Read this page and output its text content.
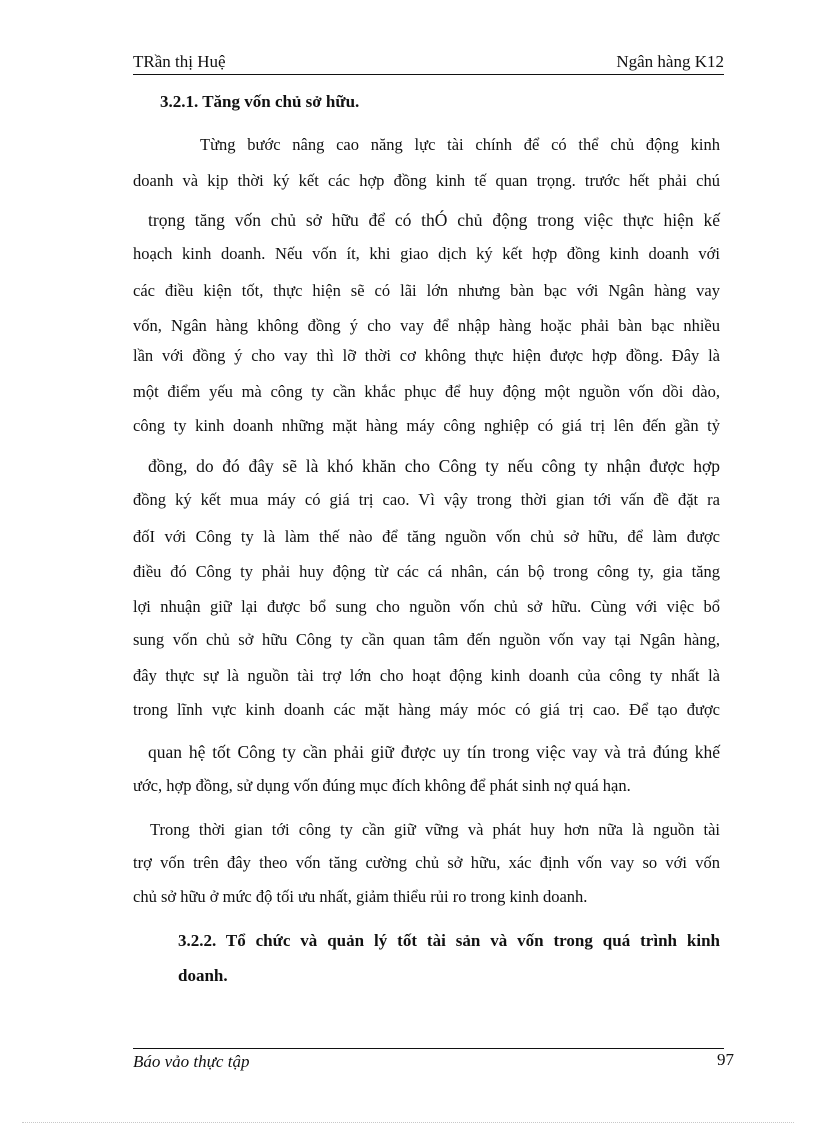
TRần thị Huệ	Ngân hàng K12
3.2.1. Tăng vốn chủ sở hữu.
Từng bước nâng cao năng lực tài chính để có thể chủ động kinh
doanh và kịp thời ký kết các hợp đồng kinh tế quan trọng. trước hết phải chú
trọng tăng vốn chủ sở hữu để có thÓ chủ động trong việc thực hiện kế
hoạch kinh doanh. Nếu vốn ít, khi giao dịch ký kết hợp đồng kinh doanh với
các điều kiện tốt, thực hiện sẽ có lãi lớn nhưng bàn bạc với Ngân hàng vay
vốn, Ngân hàng không đồng ý cho vay để nhập hàng hoặc phải bàn bạc nhiều
lần với đồng ý cho vay thì lỡ thời cơ không thực hiện được hợp đồng. Đây là
một điểm yếu mà công ty cần khắc phục để huy động một nguồn vốn dồi dào,
công ty kinh doanh những mặt hàng máy công nghiệp có giá trị lên đến gần tỷ
đồng, do đó đây sẽ là khó khăn cho Công ty nếu công ty nhận được hợp
đồng ký kết mua máy có giá trị cao. Vì vậy trong thời gian tới vấn đề đặt ra
đốI với Công ty là làm thế nào để tăng nguồn vốn chủ sở hữu, để làm được
điều đó Công ty phải huy động từ các cá nhân, cán bộ trong công ty, gia tăng
lợi nhuận giữ lại được bổ sung cho nguồn vốn chủ sở hữu. Cùng với việc bổ
sung vốn chủ sở hữu Công ty cần quan tâm đến nguồn vốn vay tại Ngân hàng,
đây thực sự là nguồn tài trợ lớn cho hoạt động kinh doanh của công ty nhất là
trong lĩnh vực kinh doanh các mặt hàng máy móc có giá trị cao. Để tạo được
quan hệ tốt Công ty cần phải giữ được uy tín trong việc vay và trả đúng khế
ước, hợp đồng, sử dụng vốn đúng mục đích không để phát sinh nợ quá hạn.
Trong thời gian tới công ty cần giữ vững và phát huy hơn nữa là nguồn tài
trợ vốn trên đây theo vốn tăng cường chủ sở hữu, xác định vốn vay so với vốn
chủ sở hữu ở mức độ tối ưu nhất, giảm thiểu rủi ro trong kinh doanh.
3.2.2. Tổ chức và quản lý tốt tài sản và vốn trong quá trình kinh
doanh.
Báo vảo thực tập	97
